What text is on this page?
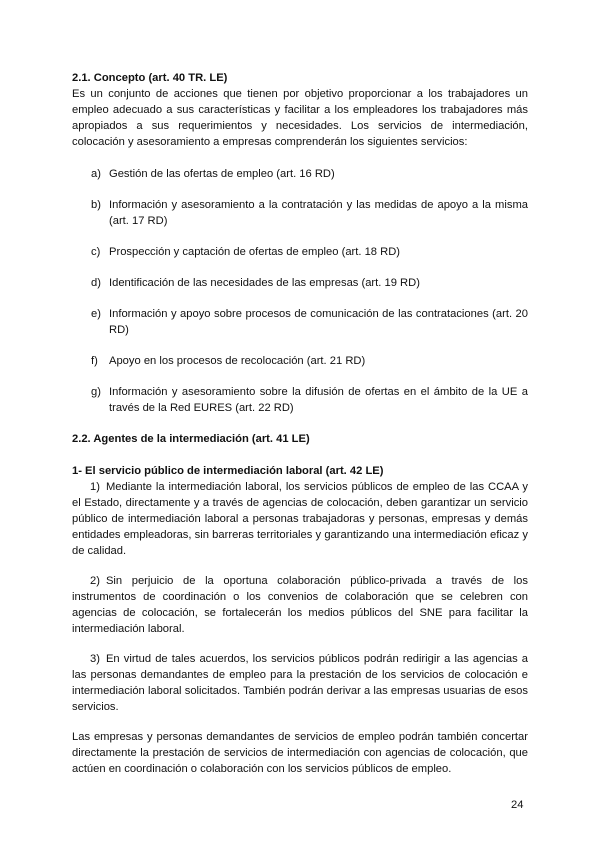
2.1. Concepto (art. 40 TR. LE)

Es un conjunto de acciones que tienen por objetivo proporcionar a los trabajadores un empleo adecuado a sus características y facilitar a los empleadores los trabajadores más apropiados a sus requerimientos y necesidades. Los servicios de intermediación, colocación y asesoramiento a empresas comprenderán los siguientes servicios:

a) Gestión de las ofertas de empleo (art. 16 RD)
b) Información y asesoramiento a la contratación y las medidas de apoyo a la misma (art. 17 RD)
c) Prospección y captación de ofertas de empleo (art. 18 RD)
d) Identificación de las necesidades de las empresas (art. 19 RD)
e) Información y apoyo sobre procesos de comunicación de las contrataciones (art. 20 RD)
f) Apoyo en los procesos de recolocación (art. 21 RD)
g) Información y asesoramiento sobre la difusión de ofertas en el ámbito de la UE a través de la Red EURES (art. 22 RD)

2.2. Agentes de la intermediación (art. 41 LE)

1- El servicio público de intermediación laboral (art. 42 LE)

1) Mediante la intermediación laboral, los servicios públicos de empleo de las CCAA y el Estado, directamente y a través de agencias de colocación, deben garantizar un servicio público de intermediación laboral a personas trabajadoras y personas, empresas y demás entidades empleadoras, sin barreras territoriales y garantizando una intermediación eficaz y de calidad.

2) Sin perjuicio de la oportuna colaboración público-privada a través de los instrumentos de coordinación o los convenios de colaboración que se celebren con agencias de colocación, se fortalecerán los medios públicos del SNE para facilitar la intermediación laboral.

3) En virtud de tales acuerdos, los servicios públicos podrán redirigir a las agencias a las personas demandantes de empleo para la prestación de los servicios de colocación e intermediación laboral solicitados. También podrán derivar a las empresas usuarias de esos servicios.

Las empresas y personas demandantes de servicios de empleo podrán también concertar directamente la prestación de servicios de intermediación con agencias de colocación, que actúen en coordinación o colaboración con los servicios públicos de empleo.

24
